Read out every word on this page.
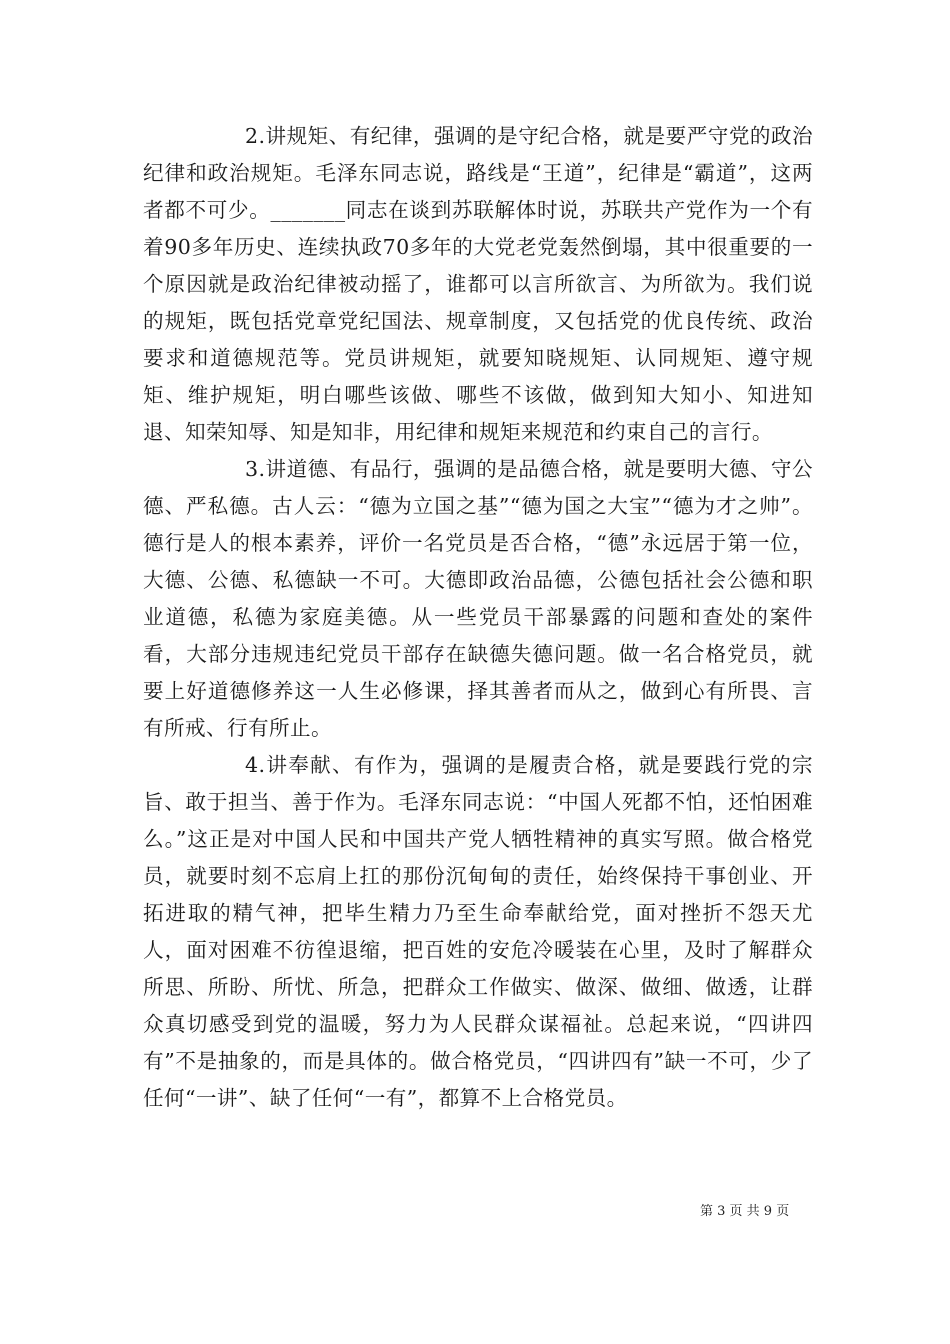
2.讲规矩、有纪律，强调的是守纪合格，就是要严守党的政治纪律和政治规矩。毛泽东同志说，路线是“王道”，纪律是“霸道”，这两者都不可少。_______同志在谈到苏联解体时说，苏联共产党作为一个有着90多年历史、连续执政70多年的大党老党轰然倒塌，其中很重要的一个原因就是政治纪律被动摇了，谁都可以言所欲言、为所欲为。我们说的规矩，既包括党章党纪国法、规章制度，又包括党的优良传统、政治要求和道德规范等。党员讲规矩，就要知晓规矩、认同规矩、遵守规矩、维护规矩，明白哪些该做、哪些不该做，做到知大知小、知进知退、知荣知辱、知是知非，用纪律和规矩来规范和约束自己的言行。

3.讲道德、有品行，强调的是品德合格，就是要明大德、守公德、严私德。古人云：“德为立国之基”“德为国之大宝”“德为才之帅”。德行是人的根本素养，评价一名党员是否合格，“德”永远居于第一位，大德、公德、私德缺一不可。大德即政治品德，公德包括社会公德和职业道德，私德为家庭美德。从一些党员干部暴露的问题和查处的案件看，大部分违规违纪党员干部存在缺德失德问题。做一名合格党员，就要上好道德修养这一人生必修课，择其善者而从之，做到心有所畏、言有所戒、行有所止。

4.讲奉献、有作为，强调的是履责合格，就是要践行党的宗旨、敢于担当、善于作为。毛泽东同志说：“中国人死都不怕，还怕困难么。”这正是对中国人民和中国共产党人牺牲精神的真实写照。做合格党员，就要时刻不忘肩上扛的那份沉甸甸的责任，始终保持干事创业、开拓进取的精气神，把毕生精力乃至生命奉献给党，面对挫折不怨天尤人，面对困难不彷徨退缩，把百姓的安危冷暖装在心里，及时了解群众所思、所盼、所忧、所急，把群众工作做实、做深、做细、做透，让群众真切感受到党的温暖，努力为人民群众谋福祉。总起来说，“四讲四有”不是抽象的，而是具体的。做合格党员，“四讲四有”缺一不可，少了任何“一讲”、缺了任何“一有”，都算不上合格党员。

第 3 页 共 9 页
